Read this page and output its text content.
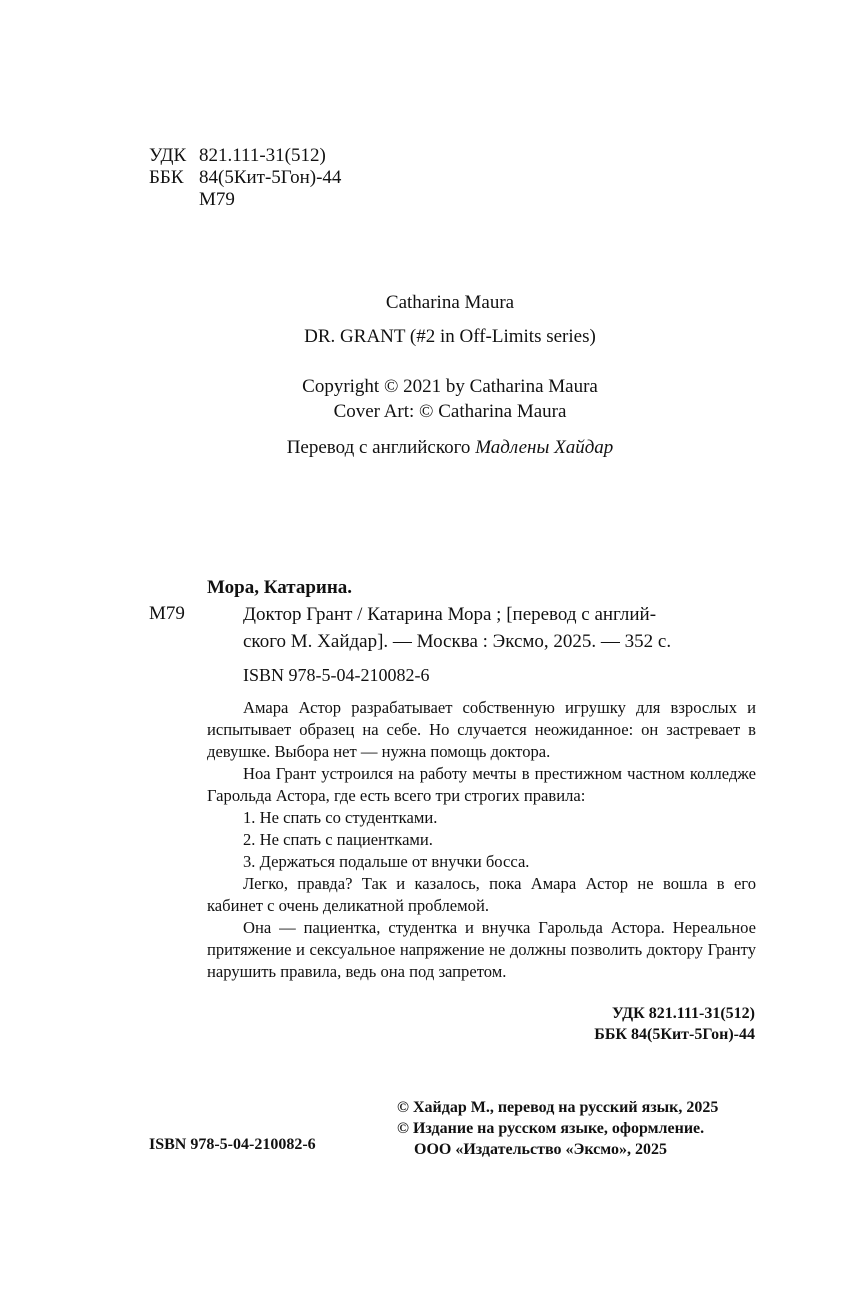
УДК 821.111-31(512)
ББК 84(5Кит-5Гон)-44
М79
Catharina Maura
DR. GRANT (#2 in Off-Limits series)
Copyright © 2021 by Catharina Maura
Cover Art: © Catharina Maura
Перевод с английского Мадлены Хайдар
Мора, Катарина.
М79	Доктор Грант / Катарина Мора ; [перевод с англий-
ского М. Хайдар]. — Москва : Эксмо, 2025. — 352 с.
ISBN 978-5-04-210082-6

Амара Астор разрабатывает собственную игрушку для взрослых и испытывает образец на себе. Но случается неожиданное: он застревает в девушке. Выбора нет — нужна помощь доктора.

Ноа Грант устроился на работу мечты в престижном частном колледже Гарольда Астора, где есть всего три строгих правила:

1. Не спать со студентками.

2. Не спать с пациентками.

3. Держаться подальше от внучки босса.

Легко, правда? Так и казалось, пока Амара Астор не вошла в его кабинет с очень деликатной проблемой.

Она — пациентка, студентка и внучка Гарольда Астора. Нереальное притяжение и сексуальное напряжение не должны позволить доктору Гранту нарушить правила, ведь она под запретом.

УДК 821.111-31(512)
ББК 84(5Кит-5Гон)-44
© Хайдар М., перевод на русский язык, 2025
© Издание на русском языке, оформление.
ООО «Издательство «Эксмо», 2025
ISBN 978-5-04-210082-6
